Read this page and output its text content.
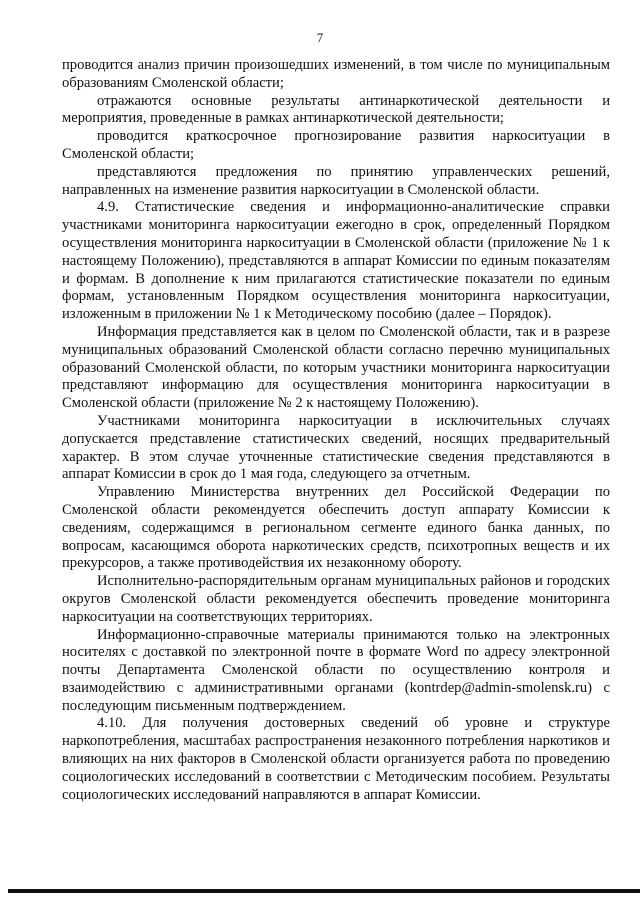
7

проводится анализ причин произошедших изменений, в том числе по муниципальным образованиям Смоленской области;

отражаются основные результаты антинаркотической деятельности и мероприятия, проведенные в рамках антинаркотической деятельности;

проводится краткосрочное прогнозирование развития наркоситуации в Смоленской области;

представляются предложения по принятию управленческих решений, направленных на изменение развития наркоситуации в Смоленской области.

4.9. Статистические сведения и информационно-аналитические справки участниками мониторинга наркоситуации ежегодно в срок, определенный Порядком осуществления мониторинга наркоситуации в Смоленской области (приложение № 1 к настоящему Положению), представляются в аппарат Комиссии по единым показателям и формам. В дополнение к ним прилагаются статистические показатели по единым формам, установленным Порядком осуществления мониторинга наркоситуации, изложенным в приложении № 1 к Методическому пособию (далее – Порядок).

Информация представляется как в целом по Смоленской области, так и в разрезе муниципальных образований Смоленской области согласно перечню муниципальных образований Смоленской области, по которым участники мониторинга наркоситуации представляют информацию для осуществления мониторинга наркоситуации в Смоленской области (приложение № 2 к настоящему Положению).

Участниками мониторинга наркоситуации в исключительных случаях допускается представление статистических сведений, носящих предварительный характер. В этом случае уточненные статистические сведения представляются в аппарат Комиссии в срок до 1 мая года, следующего за отчетным.

Управлению Министерства внутренних дел Российской Федерации по Смоленской области рекомендуется обеспечить доступ аппарату Комиссии к сведениям, содержащимся в региональном сегменте единого банка данных, по вопросам, касающимся оборота наркотических средств, психотропных веществ и их прекурсоров, а также противодействия их незаконному обороту.

Исполнительно-распорядительным органам муниципальных районов и городских округов Смоленской области рекомендуется обеспечить проведение мониторинга наркоситуации на соответствующих территориях.

Информационно-справочные материалы принимаются только на электронных носителях с доставкой по электронной почте в формате Word по адресу электронной почты Департамента Смоленской области по осуществлению контроля и взаимодействию с административными органами (kontrdep@admin-smolensk.ru) с последующим письменным подтверждением.

4.10. Для получения достоверных сведений об уровне и структуре наркопотребления, масштабах распространения незаконного потребления наркотиков и влияющих на них факторов в Смоленской области организуется работа по проведению социологических исследований в соответствии с Методическим пособием. Результаты социологических исследований направляются в аппарат Комиссии.
